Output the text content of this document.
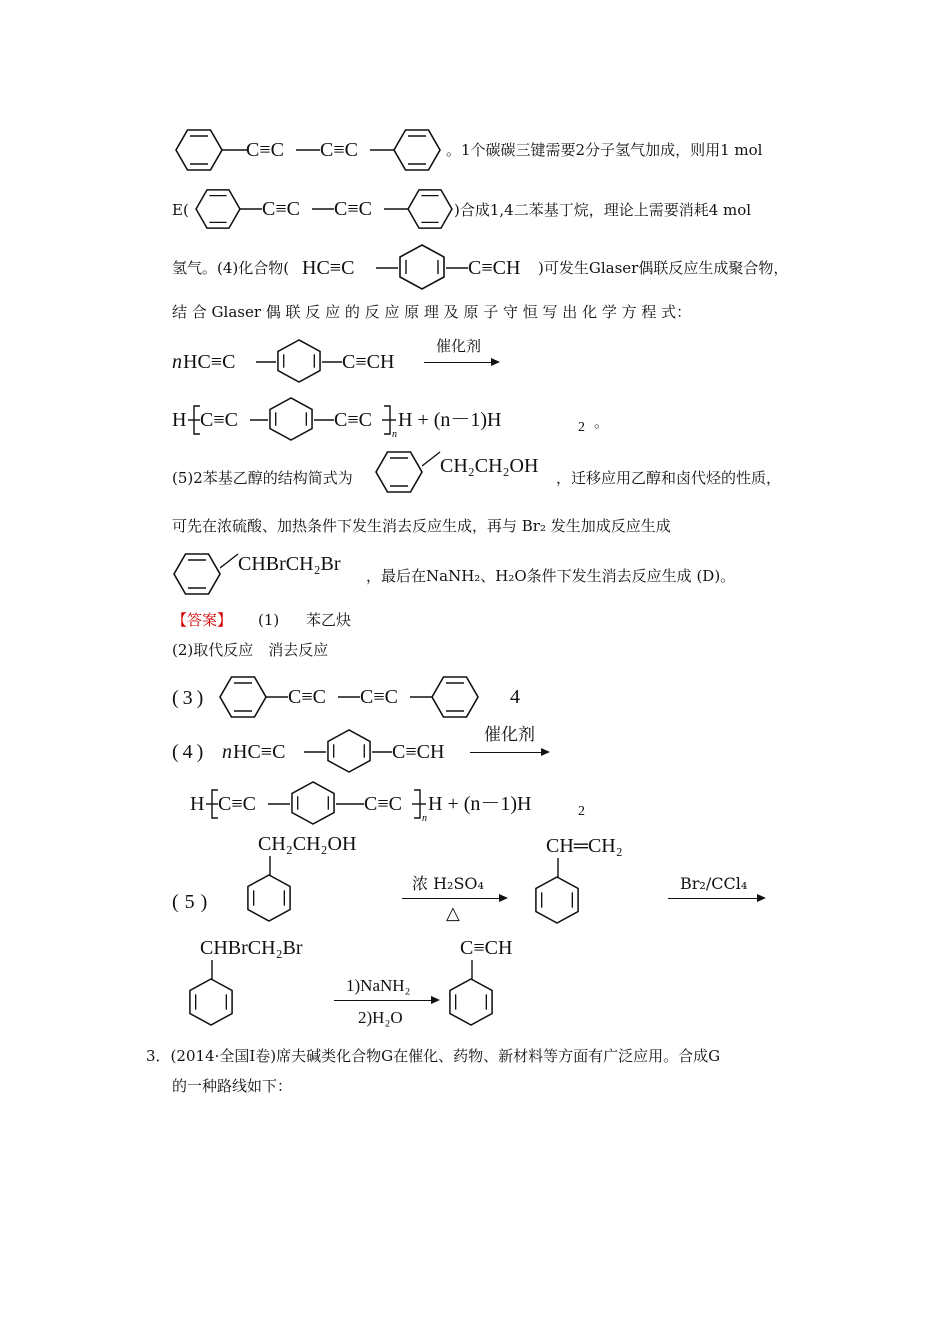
C≡C C≡C	。1个碳碳三键需要2分子氢气加成，则用1 mol
E(	C≡C C≡C	)合成1,4二苯基丁烷，理论上需要消耗4 mol
氢气。(4)化合物( HC≡C	C≡CH )可发生Glaser偶联反应生成聚合物，
结 合 Glaser 偶 联 反 应 的 反 应 原 理 及 原 子 守 恒 写 出 化 学 方 程 式：
n HC≡C	C≡CH
催化剂
H C≡C	C≡C
n
H + (n－1)H	2 。
(5)2苯基乙醇的结构简式为
CH₂CH₂OH
，迁移应用乙醇和卤代烃的性质，
可先在浓硫酸、加热条件下发生消去反应生成，再与 Br₂ 发生加成反应生成
CHBrCH₂Br
，最后在NaNH₂、H₂O条件下发生消去反应生成 (D)。
【答案】 (1) 苯乙炔
(2)取代反应　消去反应
(3)	C≡C C≡C	4
(4) n HC≡C	C≡CH
催化剂
H C≡C	C≡C
n
H + (n－1)H	2
(5)
CH₂CH₂OH
浓 H₂SO₄
△
CH═CH₂
Br₂/CCl₄
CHBrCH₂Br
1)NaNH₂
2)H₂O
C≡CH
3．(2014·全国Ⅰ卷)席夫碱类化合物G在催化、药物、新材料等方面有广泛应用。合成G
的一种路线如下：
